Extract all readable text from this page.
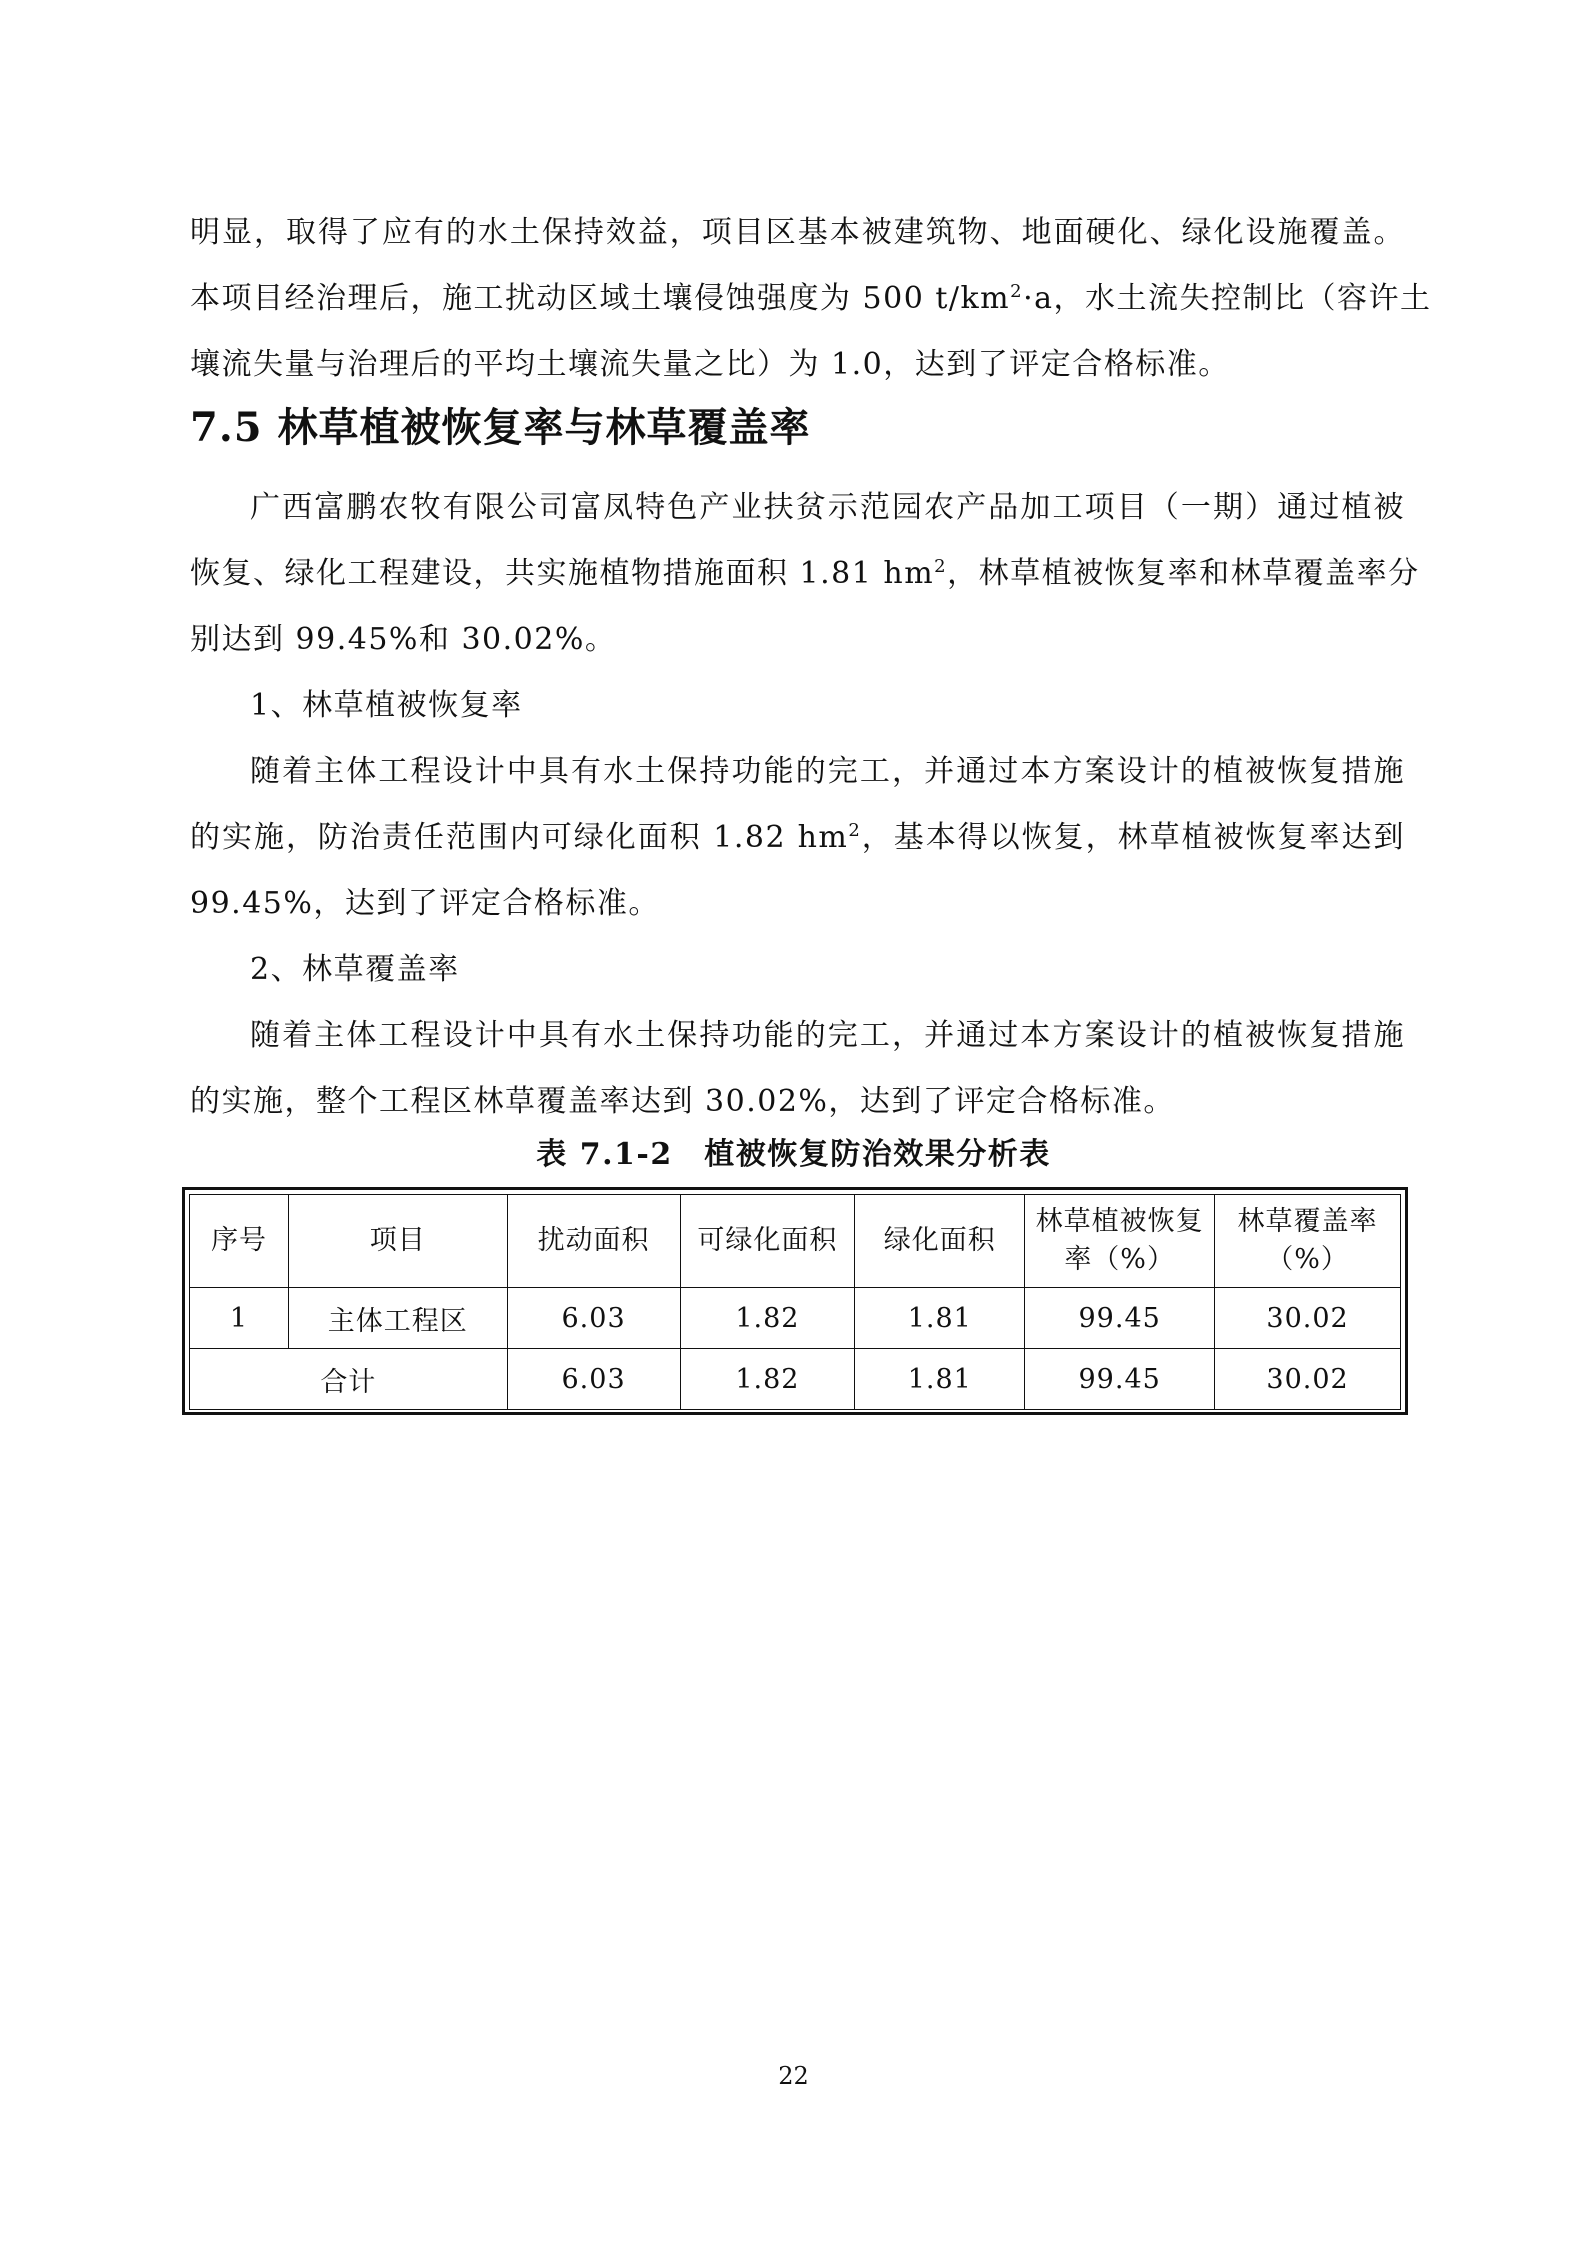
明显，取得了应有的水土保持效益，项目区基本被建筑物、地面硬化、绿化设施覆盖。
本项目经治理后，施工扰动区域土壤侵蚀强度为 500 $t/km^2\cdot a$，水土流失控制比（容许土
壤流失量与治理后的平均土壤流失量之比）为 1.0，达到了评定合格标准。
7.5 林草植被恢复率与林草覆盖率
广西富鹏农牧有限公司富凤特色产业扶贫示范园农产品加工项目（一期）通过植被
恢复、绿化工程建设，共实施植物措施面积 1.81 $hm^2$，林草植被恢复率和林草覆盖率分
别达到 99.45%和 30.02%。
1、林草植被恢复率
随着主体工程设计中具有水土保持功能的完工，并通过本方案设计的植被恢复措施
的实施，防治责任范围内可绿化面积 1.82 $hm^2$，基本得以恢复，林草植被恢复率达到
99.45%，达到了评定合格标准。
2、林草覆盖率
随着主体工程设计中具有水土保持功能的完工，并通过本方案设计的植被恢复措施
的实施，整个工程区林草覆盖率达到 30.02%，达到了评定合格标准。
表 7.1-2　植被恢复防治效果分析表
序号	项目	扰动面积	可绿化面积	绿化面积	林草植被恢复率（%）	林草覆盖率（%）
1	主体工程区	6.03	1.82	1.81	99.45	30.02
合计		6.03	1.82	1.81	99.45	30.02
22
